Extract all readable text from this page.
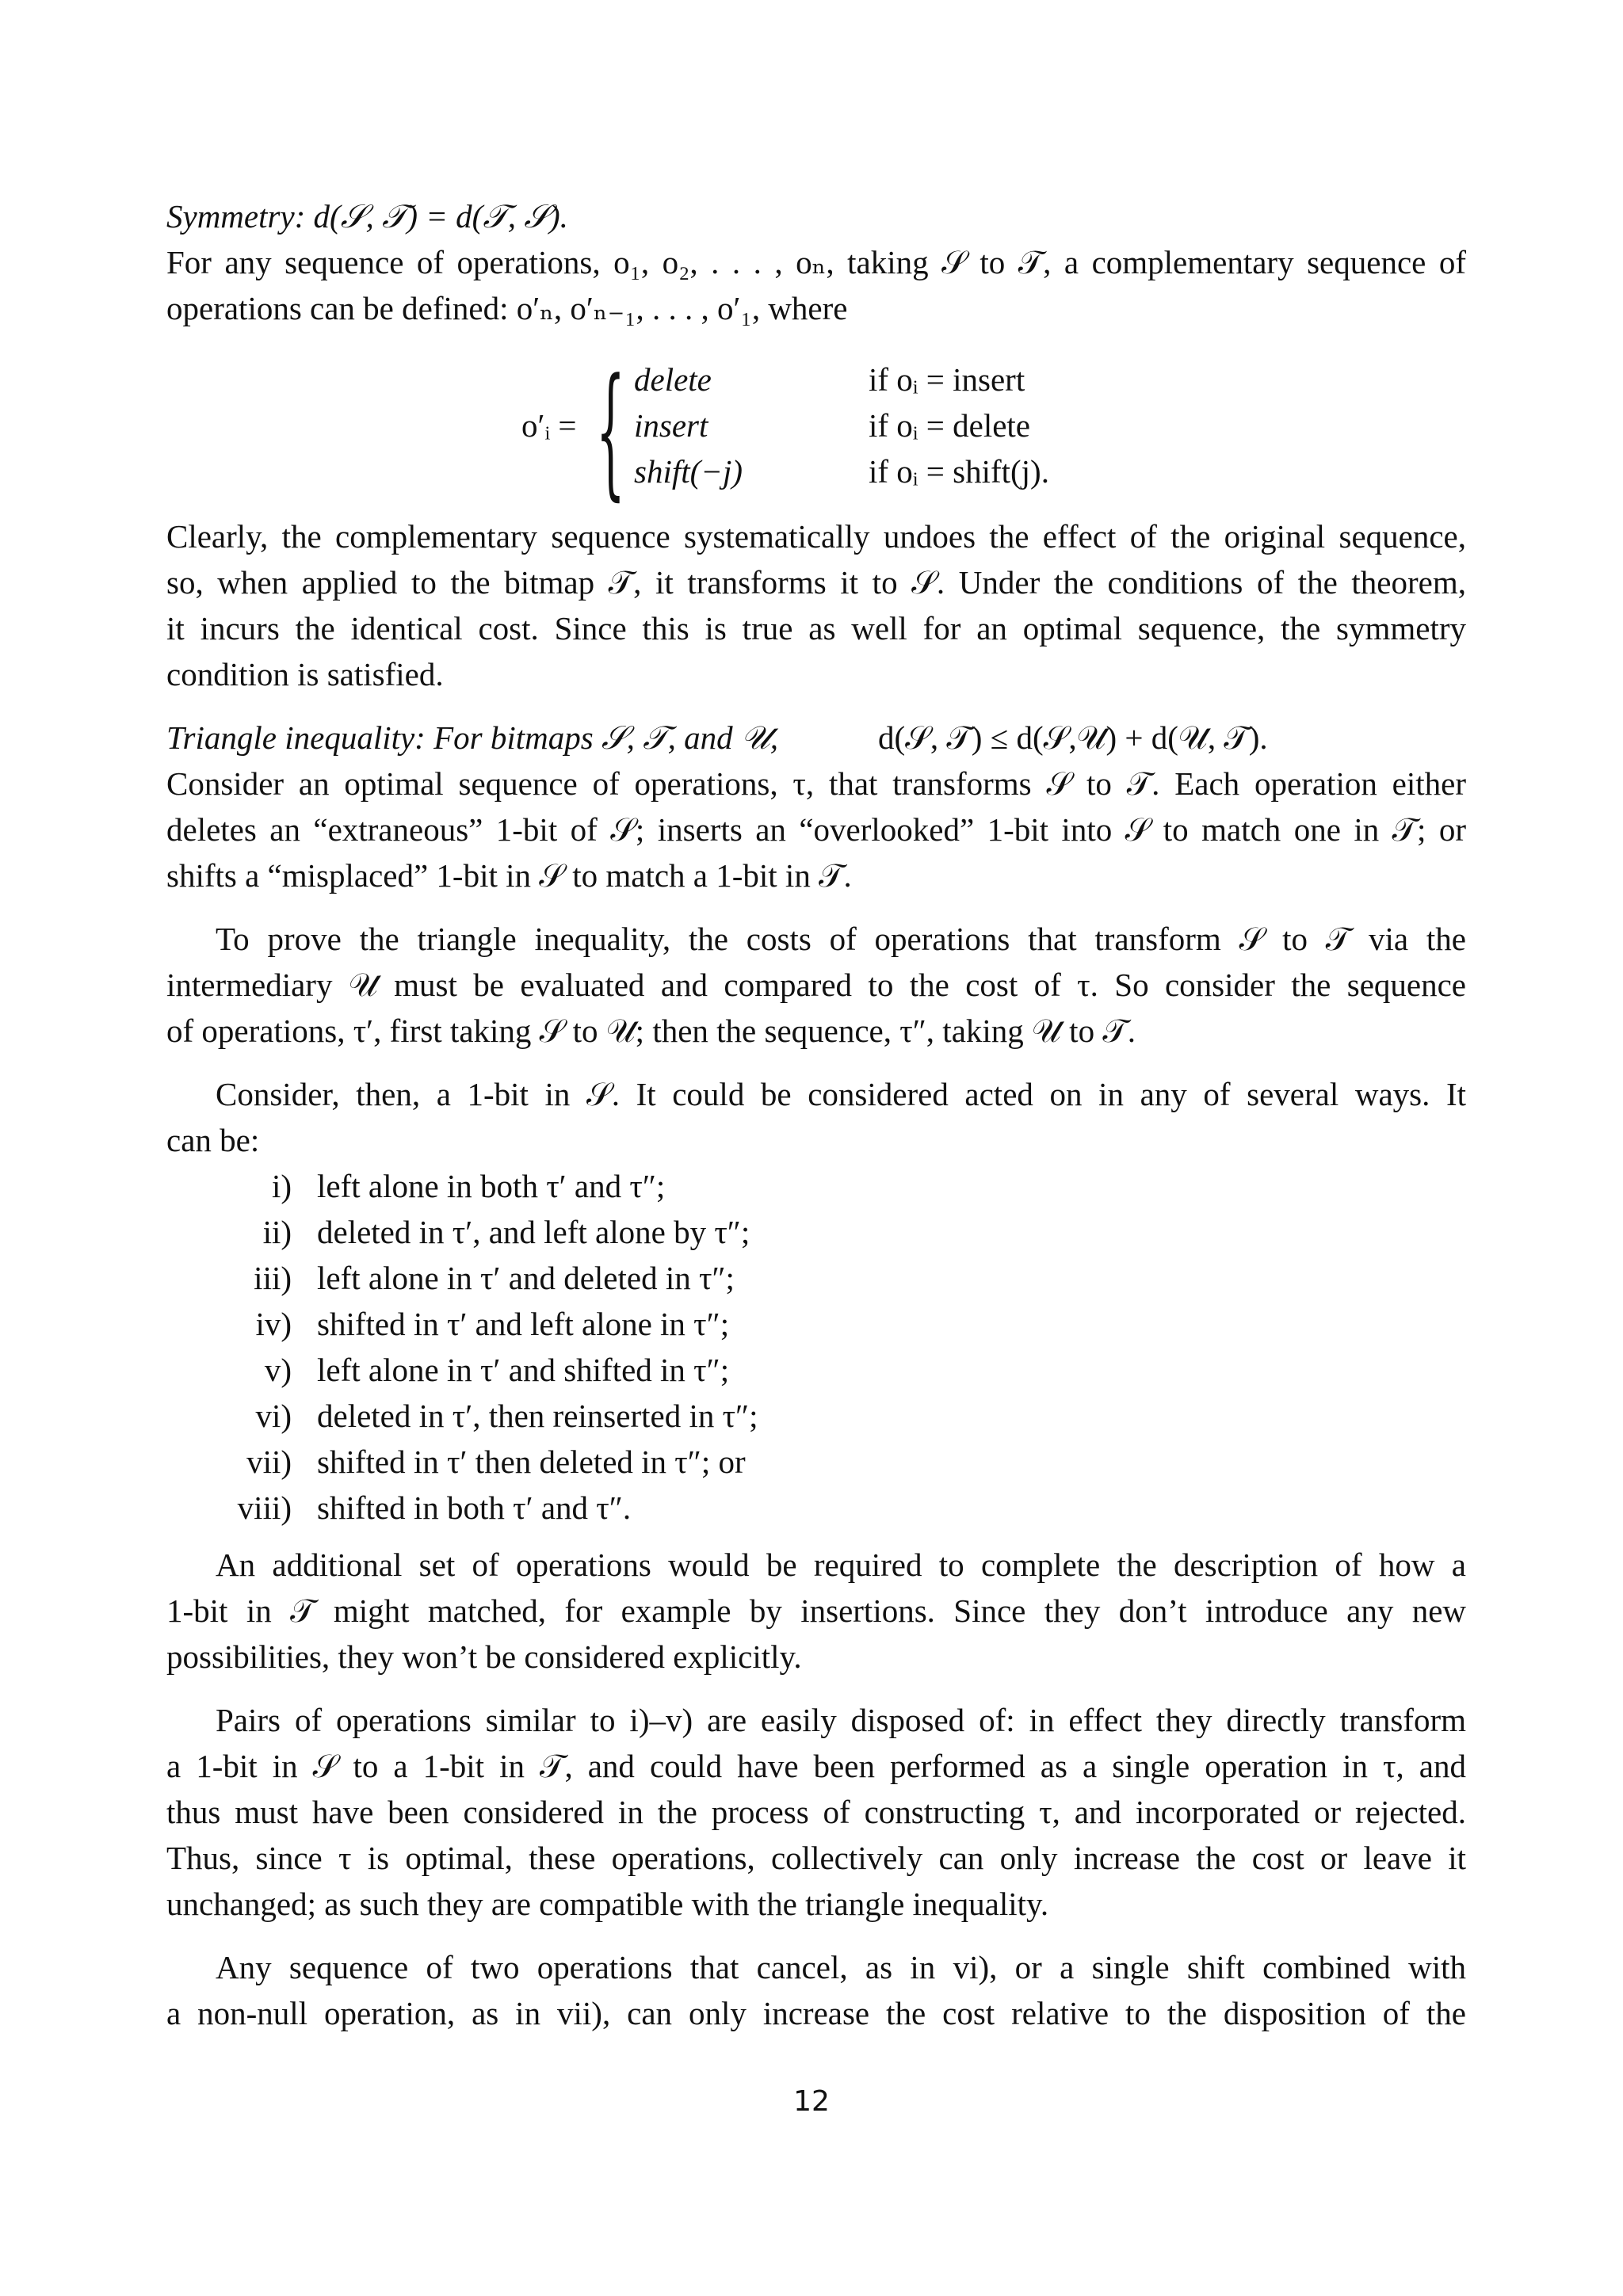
Symmetry: d(𝒮, 𝒯) = d(𝒯, 𝒮).
For any sequence of operations, o₁, o₂, . . . , oₙ, taking 𝒮 to 𝒯, a complementary sequence of
operations can be defined: o′ₙ, o′ₙ₋₁, . . . , o′₁, where
o′ᵢ = { delete	if oᵢ = insert
insert	if oᵢ = delete
shift(−j)	if oᵢ = shift(j).
Clearly, the complementary sequence systematically undoes the effect of the original sequence,
so, when applied to the bitmap 𝒯, it transforms it to 𝒮. Under the conditions of the theorem,
it incurs the identical cost. Since this is true as well for an optimal sequence, the symmetry
condition is satisfied.
Triangle inequality: For bitmaps 𝒮, 𝒯, and 𝒰,	d(𝒮, 𝒯) ≤ d(𝒮,𝒰) + d(𝒰, 𝒯).
Consider an optimal sequence of operations, τ, that transforms 𝒮 to 𝒯. Each operation either
deletes an “extraneous” 1-bit of 𝒮; inserts an “overlooked” 1-bit into 𝒮 to match one in 𝒯; or
shifts a “misplaced” 1-bit in 𝒮 to match a 1-bit in 𝒯.
To prove the triangle inequality, the costs of operations that transform 𝒮 to 𝒯 via the
intermediary 𝒰 must be evaluated and compared to the cost of τ. So consider the sequence
of operations, τ′, first taking 𝒮 to 𝒰; then the sequence, τ″, taking 𝒰 to 𝒯.
Consider, then, a 1-bit in 𝒮. It could be considered acted on in any of several ways. It
can be:
i) left alone in both τ′ and τ″;
ii) deleted in τ′, and left alone by τ″;
iii) left alone in τ′ and deleted in τ″;
iv) shifted in τ′ and left alone in τ″;
v) left alone in τ′ and shifted in τ″;
vi) deleted in τ′, then reinserted in τ″;
vii) shifted in τ′ then deleted in τ″; or
viii) shifted in both τ′ and τ″.
An additional set of operations would be required to complete the description of how a
1-bit in 𝒯 might matched, for example by insertions. Since they don’t introduce any new
possibilities, they won’t be considered explicitly.
Pairs of operations similar to i)–v) are easily disposed of: in effect they directly transform
a 1-bit in 𝒮 to a 1-bit in 𝒯, and could have been performed as a single operation in τ, and
thus must have been considered in the process of constructing τ, and incorporated or rejected.
Thus, since τ is optimal, these operations, collectively can only increase the cost or leave it
unchanged; as such they are compatible with the triangle inequality.
Any sequence of two operations that cancel, as in vi), or a single shift combined with
a non-null operation, as in vii), can only increase the cost relative to the disposition of the
12
